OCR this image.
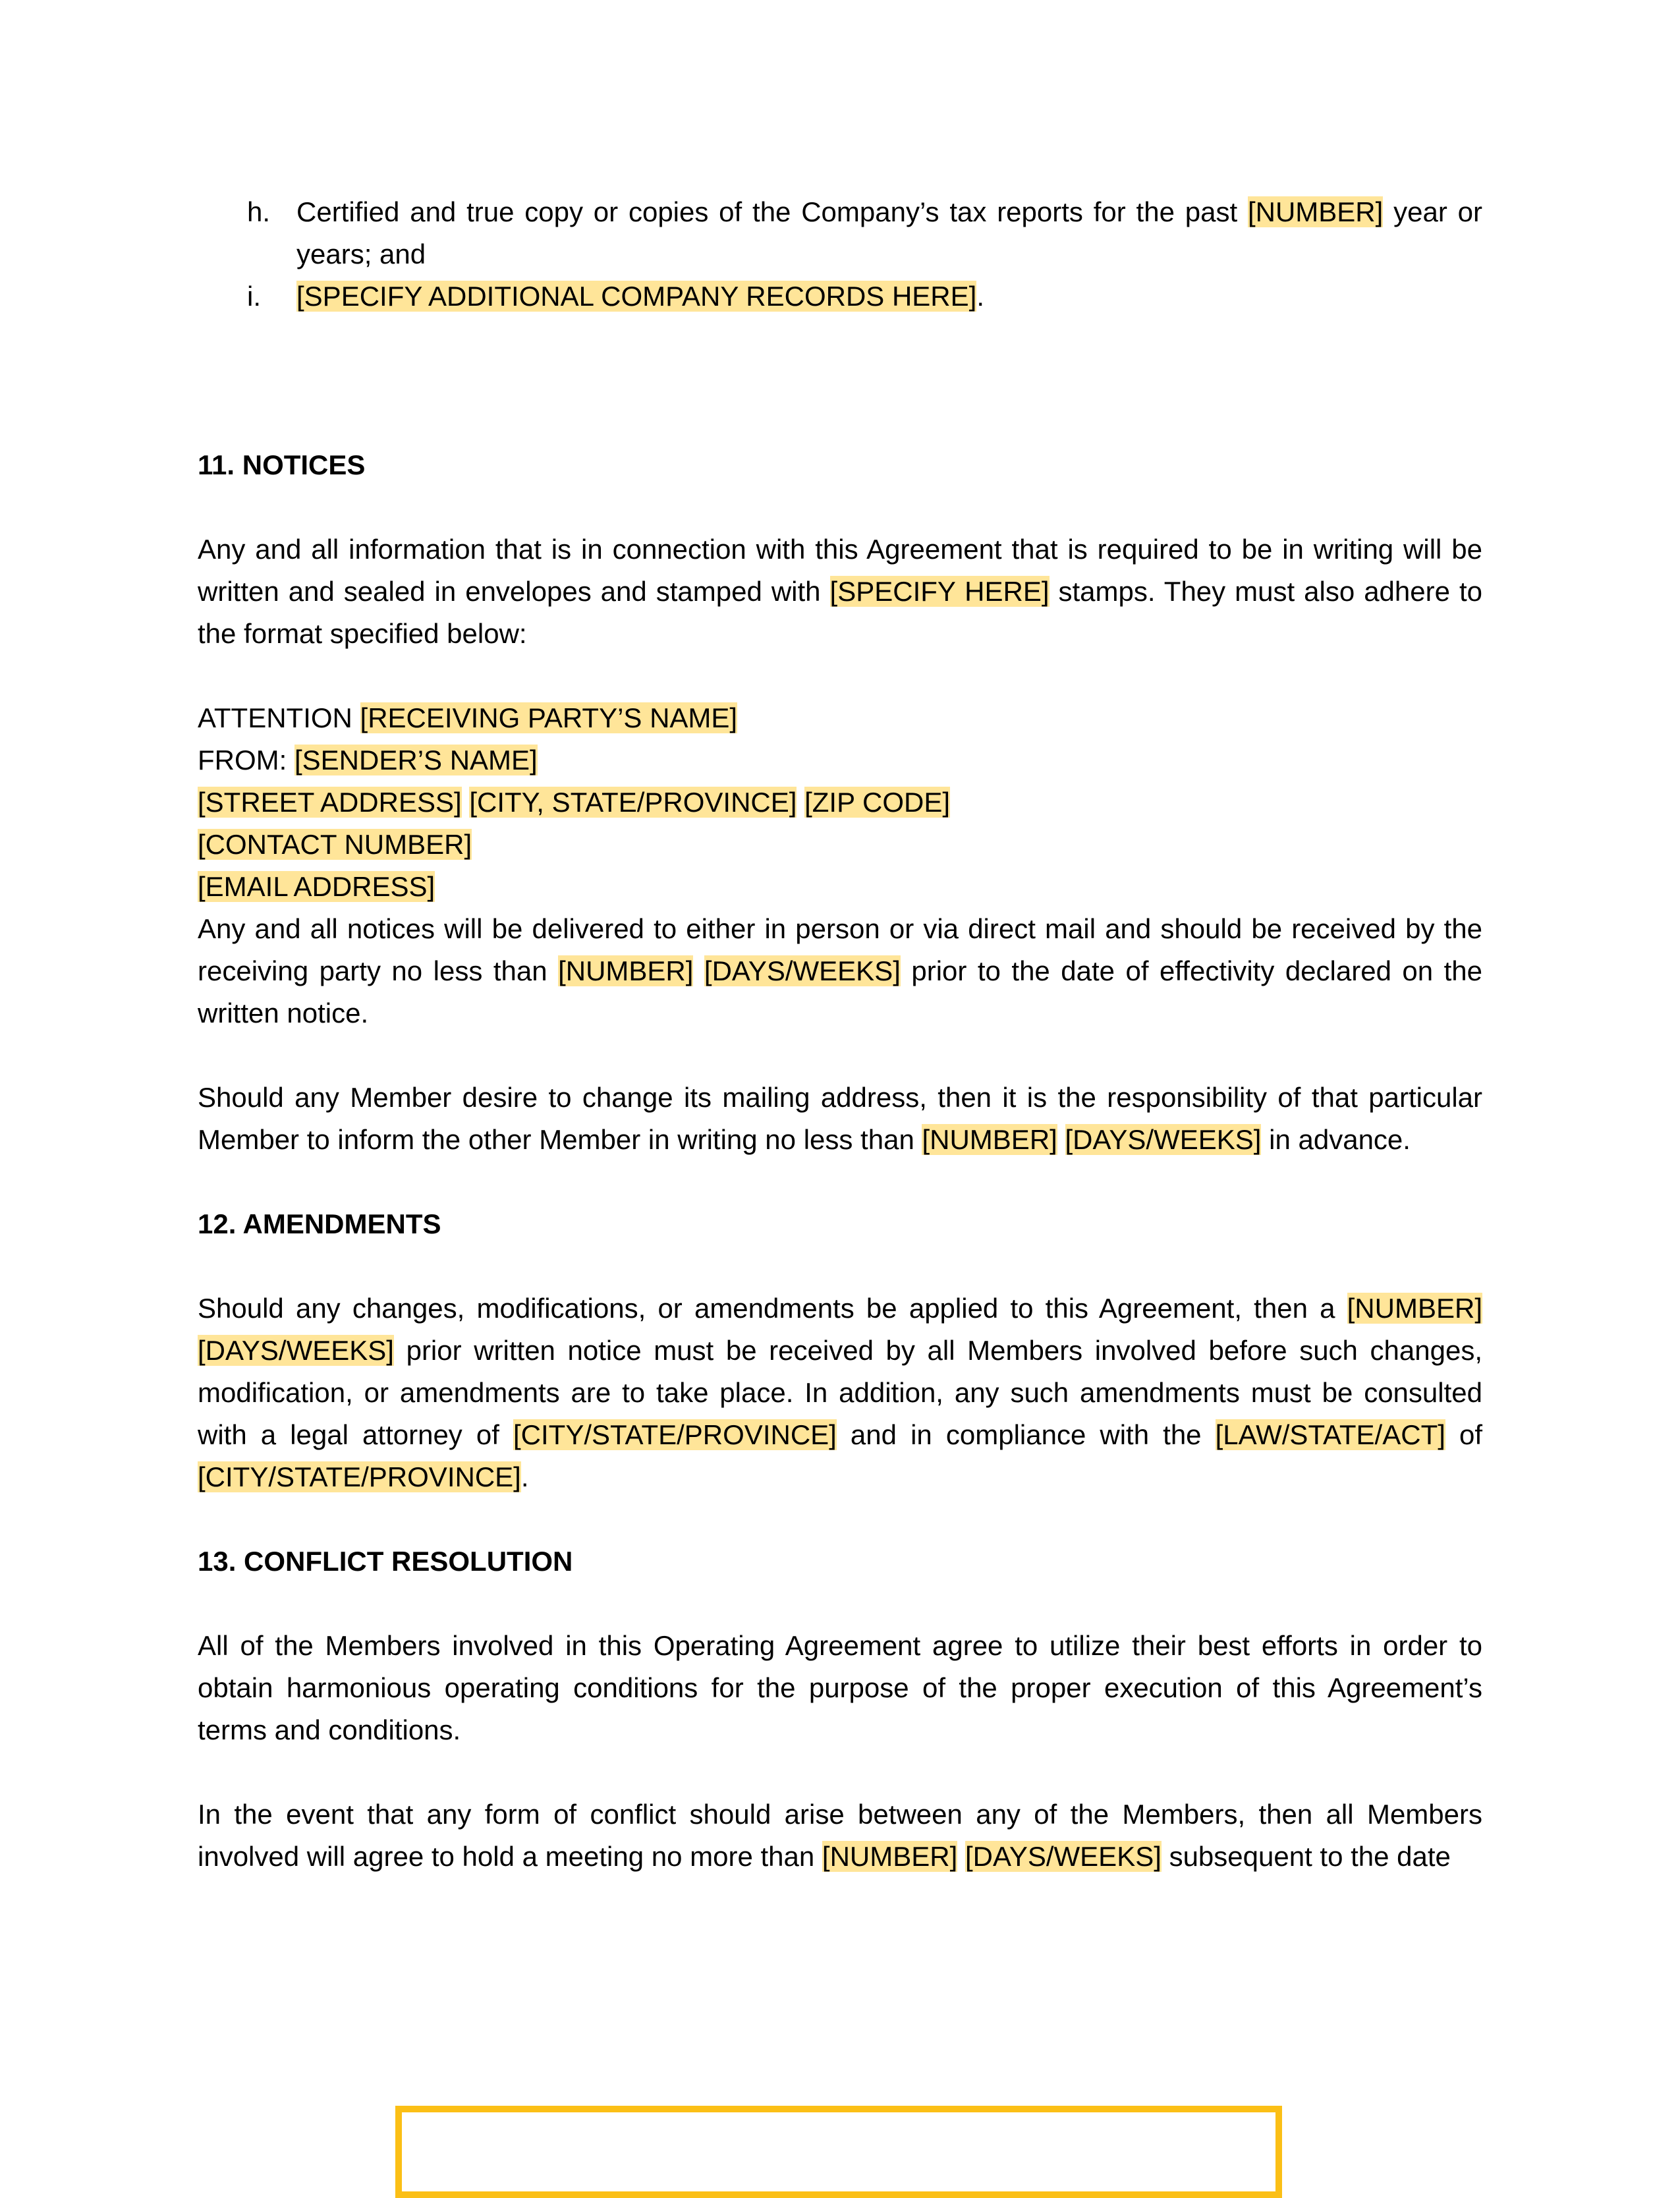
h. Certified and true copy or copies of the Company’s tax reports for the past [NUMBER] year or years; and
i.	[SPECIFY ADDITIONAL COMPANY RECORDS HERE].
11. NOTICES
Any and all information that is in connection with this Agreement that is required to be in writing will be written and sealed in envelopes and stamped with [SPECIFY HERE] stamps. They must also adhere to the format specified below:
ATTENTION [RECEIVING PARTY’S NAME]
FROM: [SENDER’S NAME]
[STREET ADDRESS] [CITY, STATE/PROVINCE] [ZIP CODE]
[CONTACT NUMBER]
[EMAIL ADDRESS]
Any and all notices will be delivered to either in person or via direct mail and should be received by the receiving party no less than [NUMBER] [DAYS/WEEKS] prior to the date of effectivity declared on the written notice.
Should any Member desire to change its mailing address, then it is the responsibility of that particular Member to inform the other Member in writing no less than [NUMBER] [DAYS/WEEKS] in advance.
12. AMENDMENTS
Should any changes, modifications, or amendments be applied to this Agreement, then a [NUMBER] [DAYS/WEEKS] prior written notice must be received by all Members involved before such changes, modification, or amendments are to take place. In addition, any such amendments must be consulted with a legal attorney of [CITY/STATE/PROVINCE] and in compliance with the [LAW/STATE/ACT] of [CITY/STATE/PROVINCE].
13. CONFLICT RESOLUTION
All of the Members involved in this Operating Agreement agree to utilize their best efforts in order to obtain harmonious operating conditions for the purpose of the proper execution of this Agreement’s terms and conditions.
In the event that any form of conflict should arise between any of the Members, then all Members involved will agree to hold a meeting no more than [NUMBER] [DAYS/WEEKS] subsequent to the date
